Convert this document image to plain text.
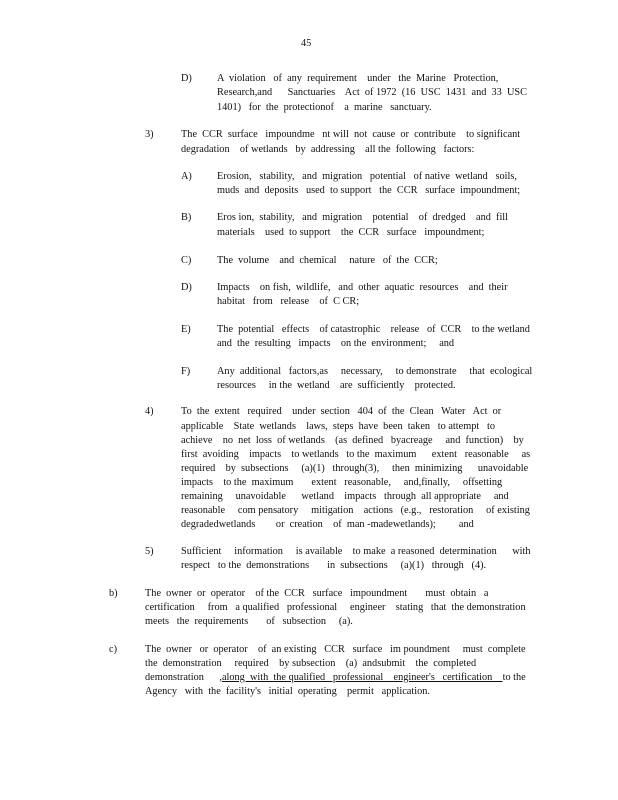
45
D) A  violation   of  any  requirement    under   the  Marine   Protection,
Research,and      Sanctuaries    Act  of 1972  (16  USC  1431  and  33  USC
1401)   for  the  protectionof    a  marine   sanctuary.
3)	The  CCR  surface   impoundme   nt will  not  cause  or  contribute    to significant
degradation    of wetlands   by  addressing    all the  following   factors:
A) Erosion,   stability,   and  migration   potential   of native  wetland   soils,
muds  and  deposits   used  to support   the  CCR   surface  impoundment;
B) Eros ion,  stability,   and  migration    potential    of  dredged    and  fill
materials    used  to support    the  CCR   surface   impoundment;
C) The  volume    and  chemical     nature   of  the  CCR;
D) Impacts    on fish,  wildlife,   and  other  aquatic  resources    and  their
habitat   from   release    of  C CR;
E)	The  potential   effects    of catastrophic    release   of  CCR    to the wetland
and  the  resulting   impacts    on the  environment;     and
F)	Any  additional   factors,as     necessary,     to demonstrate     that  ecological
resources     in the  wetland    are  sufficiently    protected.
4)	To  the  extent   required    under  section   404  of  the  Clean   Water   Act  or
applicable    State  wetlands    laws,  steps  have  been  taken   to attempt   to
achieve    no  net  loss  of wetlands    (as  defined   byacreage     and  function)    by
first  avoiding    impacts    to wetlands   to the  maximum      extent   reasonable     as
required    by  subsections     (a)(1)   through(3),     then  minimizing      unavoidable
impacts    to the  maximum       extent   reasonable,     and,finally,     offsetting
remaining     unavoidable      wetland    impacts   through  all appropriate     and
reasonable     com pensatory     mitigation    actions   (e.g.,   restoration     of existing
degradedwetlands        or  creation    of  man -madewetlands);         and
5)	Sufficient     information     is available    to make  a reasoned  determination      with
respect   to the  demonstrations       in  subsections     (a)(1)   through   (4).
b)	The  owner  or  operator    of the  CCR   surface   impoundment       must  obtain   a
certification     from   a qualified   professional     engineer    stating   that  the demonstration
meets   the  requirements       of   subsection     (a).
c)	The  owner   or  operator    of  an existing   CCR   surface   im poundment     must  complete
the  demonstration     required    by subsection    (a)  andsubmit    the  completed
demonstration      ,along  with  the qualified   professional    engineer's   certification    to the
Agency   with  the  facility's   initial  operating    permit   application.
